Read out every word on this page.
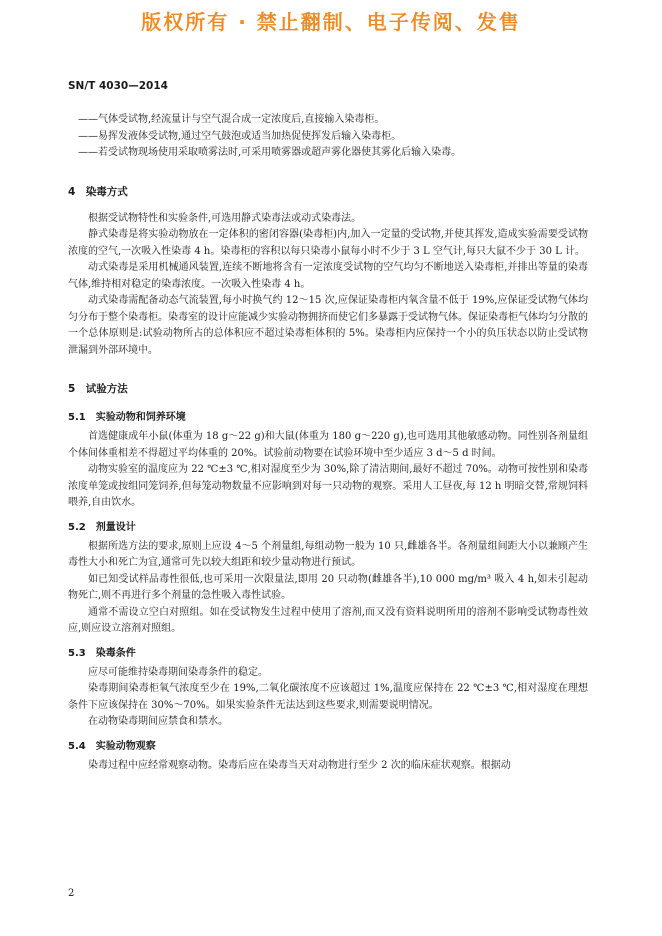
版权所有 · 禁止翻制、电子传阅、发售
SN/T 4030—2014

——气体受试物,经流量计与空气混合成一定浓度后,直接输入染毒柜。

——易挥发液体受试物,通过空气鼓泡或适当加热促使挥发后输入染毒柜。

——若受试物现场使用采取喷雾法时,可采用喷雾器或超声雾化器使其雾化后输入染毒。

4　染毒方式

根据受试物特性和实验条件,可选用静式染毒法或动式染毒法。

静式染毒是将实验动物放在一定体积的密闭容器(染毒柜)内,加入一定量的受试物,并使其挥发,造成实验需要受试物浓度的空气,一次吸入性染毒 4 h。染毒柜的容积以每只染毒小鼠每小时不少于 3 L 空气计,每只大鼠不少于 30 L 计。

动式染毒是采用机械通风装置,连续不断地将含有一定浓度受试物的空气均匀不断地送入染毒柜,并排出等量的染毒气体,维持相对稳定的染毒浓度。一次吸入性染毒 4 h。

动式染毒需配备动态气流装置,每小时换气约 12～15 次,应保证染毒柜内氧含量不低于 19%,应保证受试物气体均匀分布于整个染毒柜。染毒室的设计应能减少实验动物拥挤而使它们多暴露于受试物气体。保证染毒柜气体均匀分散的一个总体原则是:试验动物所占的总体积应不超过染毒柜体积的 5%。染毒柜内应保持一个小的负压状态以防止受试物泄漏到外部环境中。

5　试验方法

5.1　实验动物和饲养环境

首选健康成年小鼠(体重为 18 g～22 g)和大鼠(体重为 180 g～220 g),也可选用其他敏感动物。同性别各剂量组个体间体重相差不得超过平均体重的 20%。试验前动物要在试验环境中至少适应 3 d～5 d 时间。

动物实验室的温度应为 22 ℃±3 ℃,相对湿度至少为 30%,除了清洁期间,最好不超过 70%。动物可按性别和染毒浓度单笼或按组同笼饲养,但每笼动物数量不应影响到对每一只动物的观察。采用人工昼夜,每 12 h 明暗交替,常规饲料喂养,自由饮水。

5.2　剂量设计

根据所选方法的要求,原则上应设 4～5 个剂量组,每组动物一般为 10 只,雌雄各半。各剂量组间距大小以兼顾产生毒性大小和死亡为宜,通常可先以较大组距和较少量动物进行预试。

如已知受试样品毒性很低,也可采用一次限量法,即用 20 只动物(雌雄各半),10 000 mg/m³ 吸入 4 h,如未引起动物死亡,则不再进行多个剂量的急性吸入毒性试验。

通常不需设立空白对照组。如在受试物发生过程中使用了溶剂,而又没有资料说明所用的溶剂不影响受试物毒性效应,则应设立溶剂对照组。

5.3　染毒条件

应尽可能维持染毒期间染毒条件的稳定。

染毒期间染毒柜氧气浓度至少在 19%,二氧化碳浓度不应该超过 1%,温度应保持在 22 ℃±3 ℃,相对湿度在理想条件下应该保持在 30%～70%。如果实验条件无法达到这些要求,则需要说明情况。

在动物染毒期间应禁食和禁水。

5.4　实验动物观察

染毒过程中应经常观察动物。染毒后应在染毒当天对动物进行至少 2 次的临床症状观察。根据动

2
